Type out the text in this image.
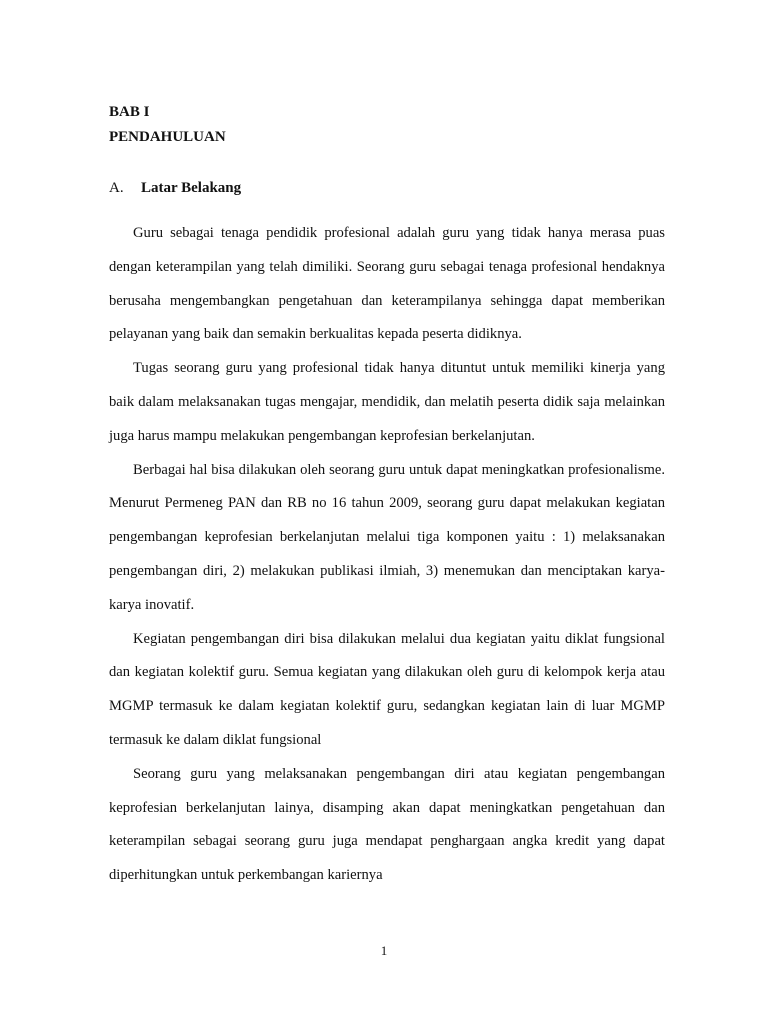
BAB I
PENDAHULUAN
A. Latar Belakang

Guru sebagai tenaga pendidik profesional adalah guru yang tidak hanya merasa puas dengan keterampilan yang telah dimiliki. Seorang guru sebagai tenaga profesional hendaknya berusaha mengembangkan pengetahuan dan keterampilanya sehingga dapat memberikan pelayanan yang baik dan semakin berkualitas kepada peserta didiknya.

Tugas seorang guru yang profesional tidak hanya dituntut untuk memiliki kinerja yang baik dalam melaksanakan tugas mengajar, mendidik, dan melatih peserta didik saja melainkan juga harus mampu melakukan pengembangan keprofesian berkelanjutan.

Berbagai hal bisa dilakukan oleh seorang guru untuk dapat meningkatkan profesionalisme. Menurut Permeneg PAN dan RB no 16 tahun 2009, seorang guru dapat melakukan kegiatan pengembangan keprofesian berkelanjutan melalui tiga komponen yaitu : 1) melaksanakan pengembangan diri, 2) melakukan publikasi ilmiah, 3) menemukan dan menciptakan karya-karya inovatif.

Kegiatan pengembangan diri bisa dilakukan melalui dua kegiatan yaitu diklat fungsional dan kegiatan kolektif guru. Semua kegiatan yang dilakukan oleh guru di kelompok kerja atau MGMP termasuk ke dalam kegiatan kolektif guru, sedangkan kegiatan lain di luar MGMP termasuk ke dalam diklat fungsional

Seorang guru yang melaksanakan pengembangan diri atau kegiatan pengembangan keprofesian berkelanjutan lainya, disamping akan dapat meningkatkan pengetahuan dan keterampilan sebagai seorang guru juga mendapat penghargaan angka kredit yang dapat diperhitungkan untuk perkembangan kariernya

1
